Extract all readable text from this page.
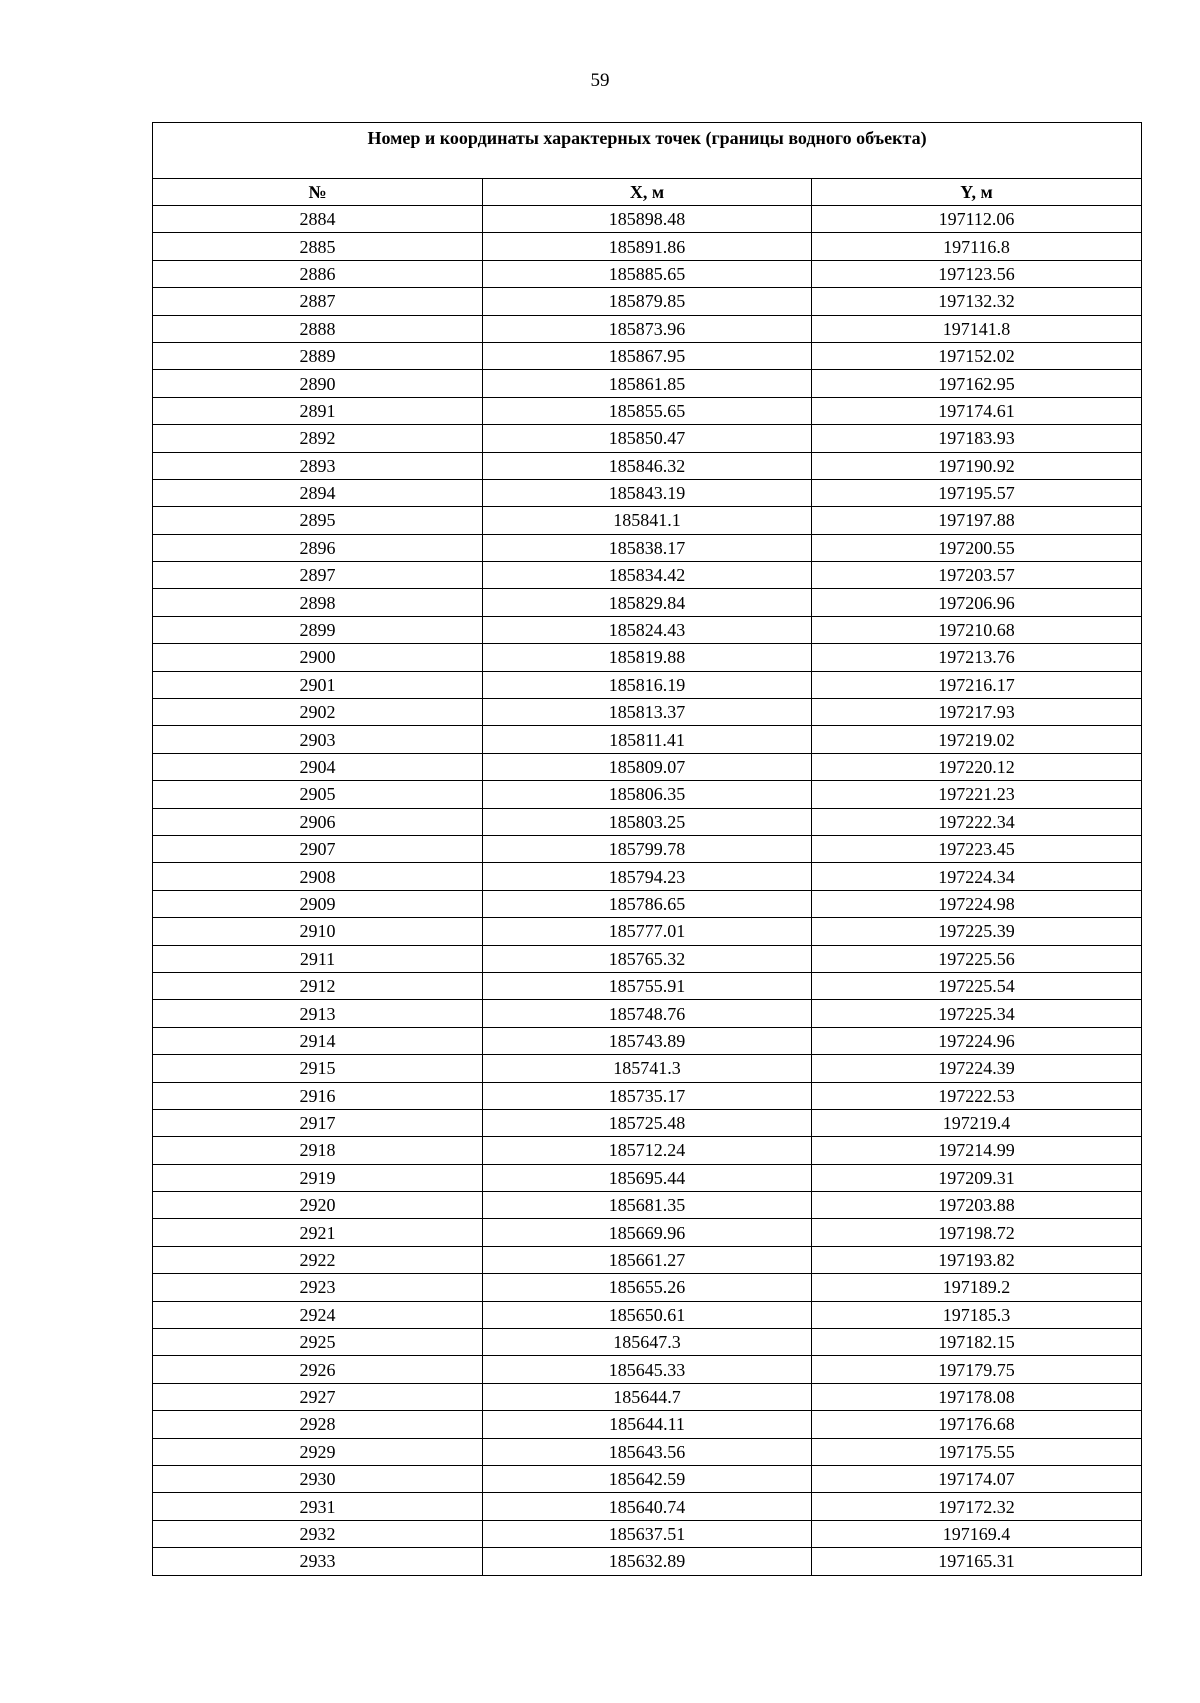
59
Номер и координаты характерных точек (границы водного объекта)		
№	X, м	Y, м
2884	185898.48	197112.06
2885	185891.86	197116.8
2886	185885.65	197123.56
2887	185879.85	197132.32
2888	185873.96	197141.8
2889	185867.95	197152.02
2890	185861.85	197162.95
2891	185855.65	197174.61
2892	185850.47	197183.93
2893	185846.32	197190.92
2894	185843.19	197195.57
2895	185841.1	197197.88
2896	185838.17	197200.55
2897	185834.42	197203.57
2898	185829.84	197206.96
2899	185824.43	197210.68
2900	185819.88	197213.76
2901	185816.19	197216.17
2902	185813.37	197217.93
2903	185811.41	197219.02
2904	185809.07	197220.12
2905	185806.35	197221.23
2906	185803.25	197222.34
2907	185799.78	197223.45
2908	185794.23	197224.34
2909	185786.65	197224.98
2910	185777.01	197225.39
2911	185765.32	197225.56
2912	185755.91	197225.54
2913	185748.76	197225.34
2914	185743.89	197224.96
2915	185741.3	197224.39
2916	185735.17	197222.53
2917	185725.48	197219.4
2918	185712.24	197214.99
2919	185695.44	197209.31
2920	185681.35	197203.88
2921	185669.96	197198.72
2922	185661.27	197193.82
2923	185655.26	197189.2
2924	185650.61	197185.3
2925	185647.3	197182.15
2926	185645.33	197179.75
2927	185644.7	197178.08
2928	185644.11	197176.68
2929	185643.56	197175.55
2930	185642.59	197174.07
2931	185640.74	197172.32
2932	185637.51	197169.4
2933	185632.89	197165.31
